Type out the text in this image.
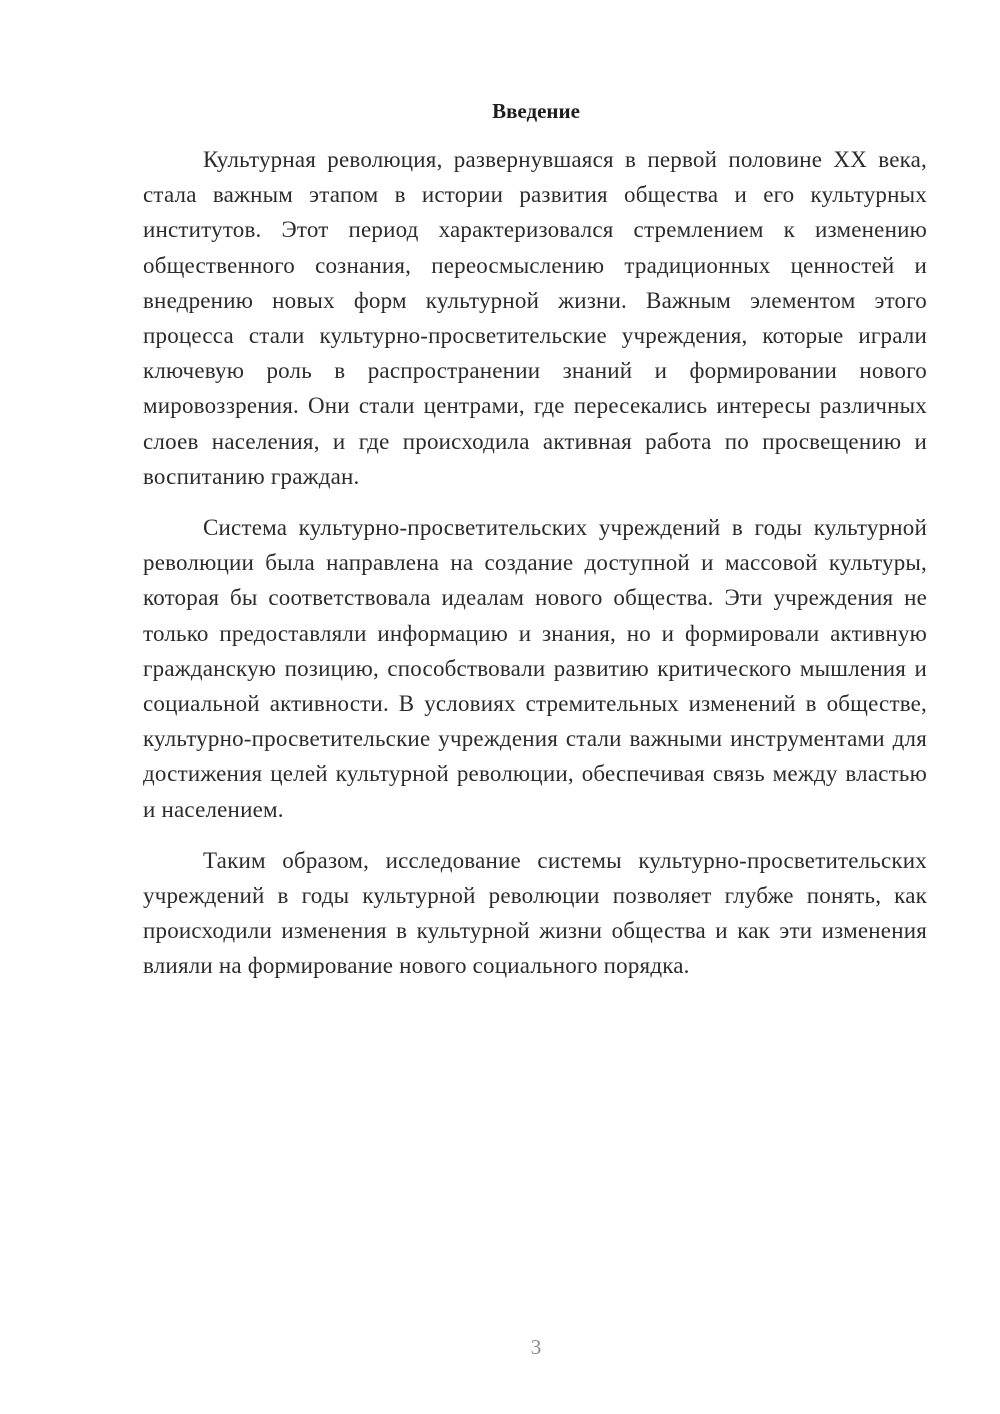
Введение

Культурная революция, развернувшаяся в первой половине XX века, стала важным этапом в истории развития общества и его культурных институтов. Этот период характеризовался стремлением к изменению общественного сознания, переосмыслению традиционных ценностей и внедрению новых форм культурной жизни. Важным элементом этого процесса стали культурно-просветительские учреждения, которые играли ключевую роль в распространении знаний и формировании нового мировоззрения. Они стали центрами, где пересекались интересы различных слоев населения, и где происходила активная работа по просвещению и воспитанию граждан.

Система культурно-просветительских учреждений в годы культурной революции была направлена на создание доступной и массовой культуры, которая бы соответствовала идеалам нового общества. Эти учреждения не только предоставляли информацию и знания, но и формировали активную гражданскую позицию, способствовали развитию критического мышления и социальной активности. В условиях стремительных изменений в обществе, культурно-просветительские учреждения стали важными инструментами для достижения целей культурной революции, обеспечивая связь между властью и населением.

Таким образом, исследование системы культурно-просветительских учреждений в годы культурной революции позволяет глубже понять, как происходили изменения в культурной жизни общества и как эти изменения влияли на формирование нового социального порядка.

3
